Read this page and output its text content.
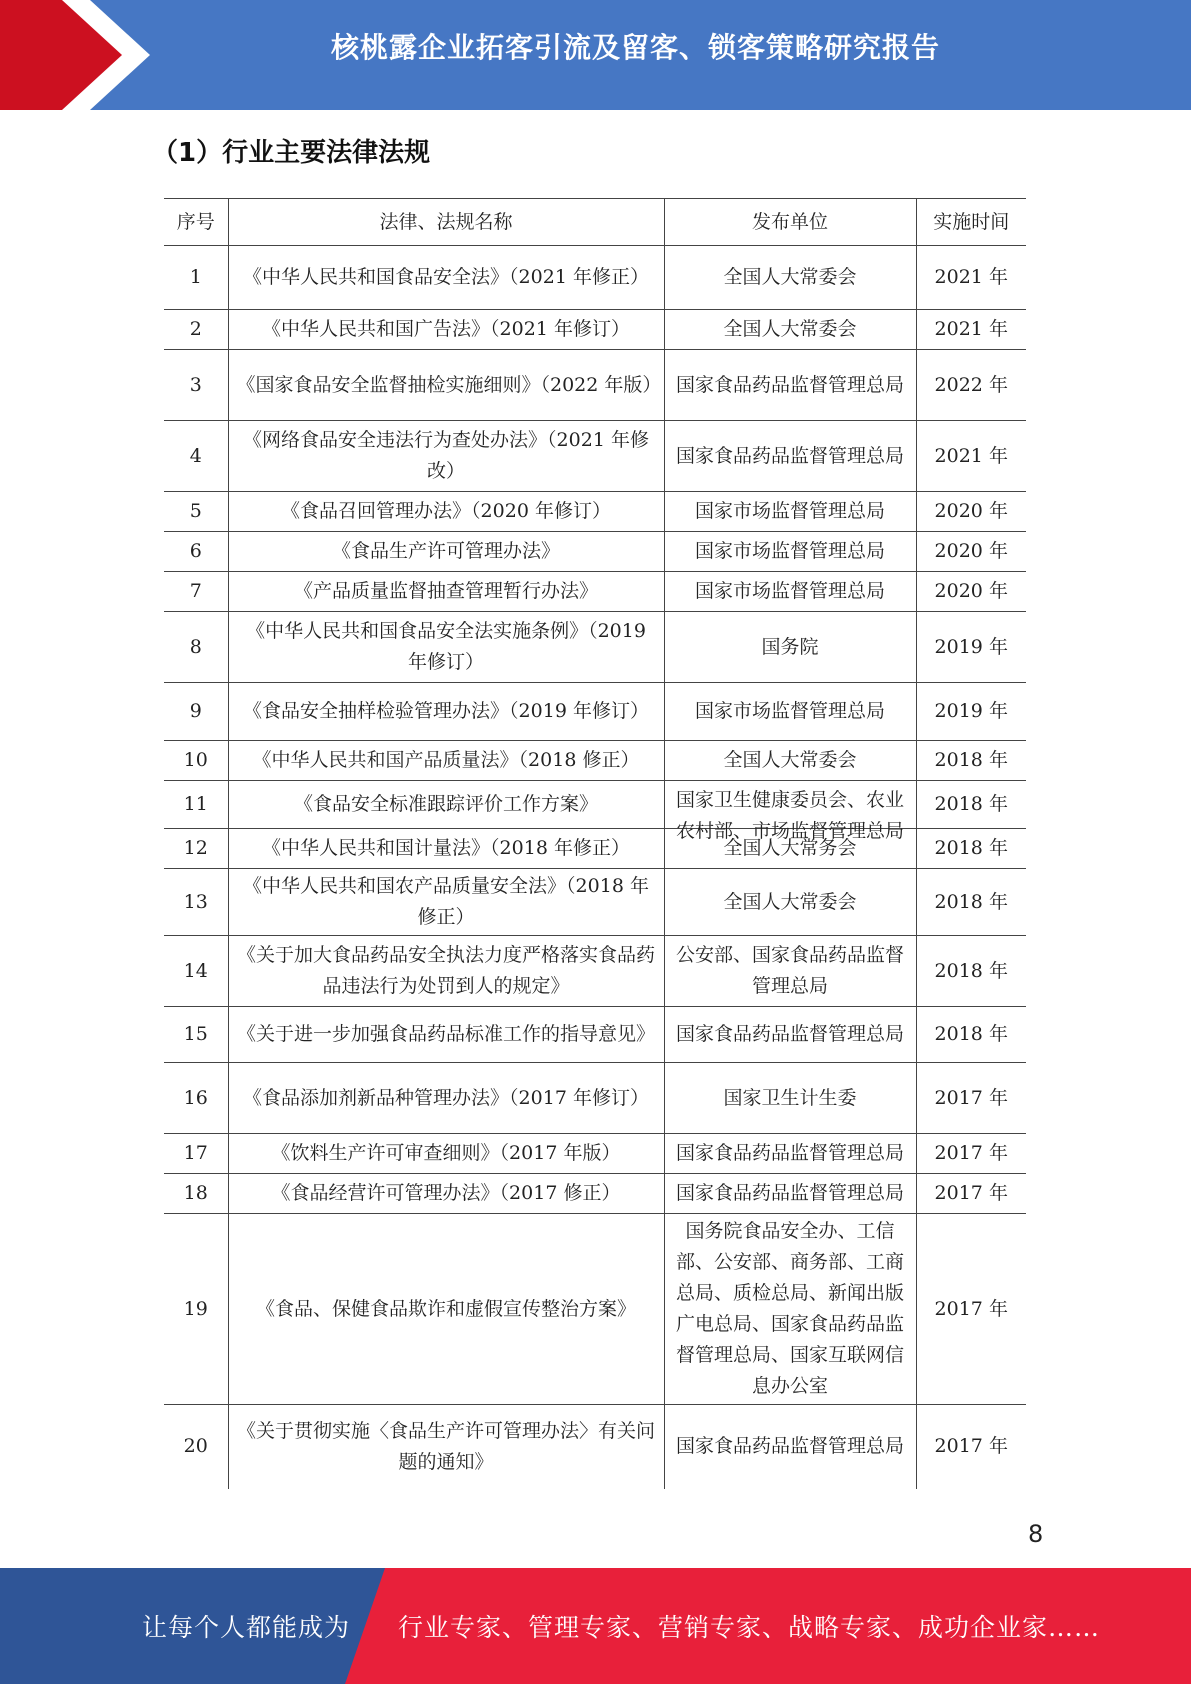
核桃露企业拓客引流及留客、锁客策略研究报告
（1）行业主要法律法规
序号	法律、法规名称	发布单位	实施时间
1	《中华人民共和国食品安全法》（2021 年修正）	全国人大常委会	2021 年
2	《中华人民共和国广告法》（2021 年修订）	全国人大常委会	2021 年
3	《国家食品安全监督抽检实施细则》（2022 年版）	国家食品药品监督管理总局	2022 年
4	《网络食品安全违法行为查处办法》（2021 年修改）	国家食品药品监督管理总局	2021 年
5	《食品召回管理办法》（2020 年修订）	国家市场监督管理总局	2020 年
6	《食品生产许可管理办法》	国家市场监督管理总局	2020 年
7	《产品质量监督抽查管理暂行办法》	国家市场监督管理总局	2020 年
8	《中华人民共和国食品安全法实施条例》（2019 年修订）	国务院	2019 年
9	《食品安全抽样检验管理办法》（2019 年修订）	国家市场监督管理总局	2019 年
10	《中华人民共和国产品质量法》（2018 修正）	全国人大常委会	2018 年
11	《食品安全标准跟踪评价工作方案》	国家卫生健康委员会、农业农村部、市场监督管理总局	2018 年
12	《中华人民共和国计量法》（2018 年修正）	全国人大常务会	2018 年
13	《中华人民共和国农产品质量安全法》（2018 年修正）	全国人大常委会	2018 年
14	《关于加大食品药品安全执法力度严格落实食品药品违法行为处罚到人的规定》	公安部、国家食品药品监督管理总局	2018 年
15	《关于进一步加强食品药品标准工作的指导意见》	国家食品药品监督管理总局	2018 年
16	《食品添加剂新品种管理办法》（2017 年修订）	国家卫生计生委	2017 年
17	《饮料生产许可审查细则》（2017 年版）	国家食品药品监督管理总局	2017 年
18	《食品经营许可管理办法》（2017 修正）	国家食品药品监督管理总局	2017 年
19	《食品、保健食品欺诈和虚假宣传整治方案》	国务院食品安全办、工信部、公安部、商务部、工商总局、质检总局、新闻出版广电总局、国家食品药品监督管理总局、国家互联网信息办公室	2017 年
20	《关于贯彻实施〈食品生产许可管理办法〉有关问题的通知》	国家食品药品监督管理总局	2017 年
8
让每个人都能成为 行业专家、管理专家、营销专家、战略专家、成功企业家……
